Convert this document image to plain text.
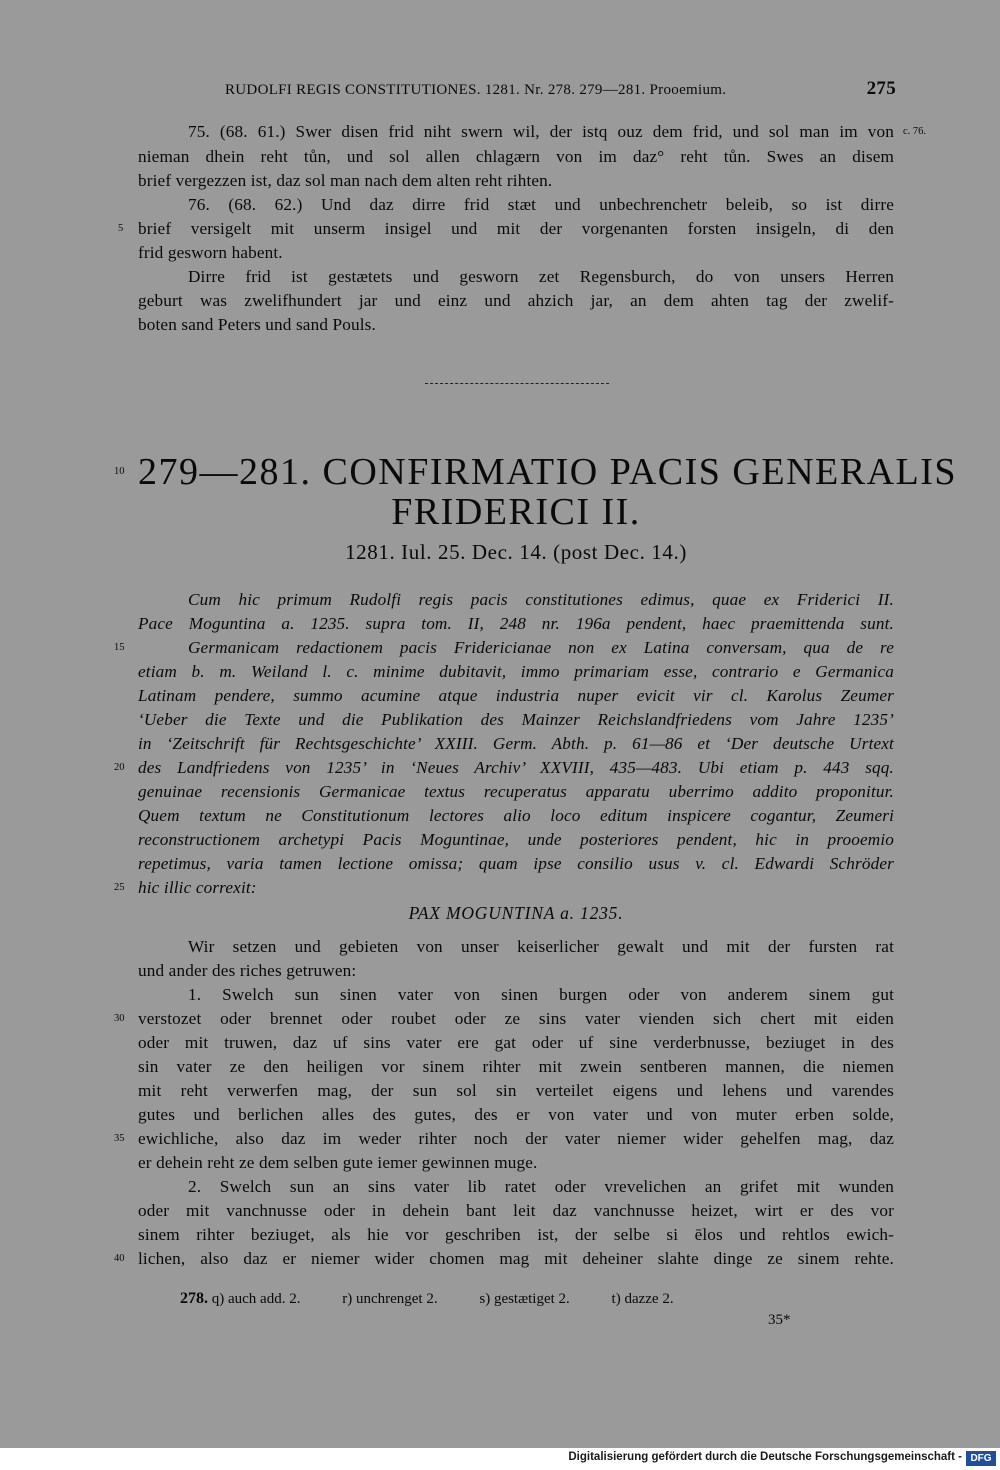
RUDOLFI REGIS CONSTITUTIONES. 1281. Nr. 278. 279—281. Prooemium.	275
75. (68. 61.) Swer disen frid niht swern wil, der istq ouz dem frid, und sol man im von
nieman dhein reht tůn, und sol allen chlagærn von im daz° reht tůn. Swes an disem
brief vergezzen ist, daz sol man nach dem alten reht rihten.
76. (68. 62.) Und daz dirre frid stæt und unbechrenchetr beleib, so ist dirre
brief versigelt mit unserm insigel und mit der vorgenanten forsten insigeln, di den
frid gesworn habent.
Dirre frid ist gestætets und gesworn zet Regensburch, do von unsers Herren
geburt was zwelifhundert jar und einz und ahzich jar, an dem ahten tag der zwelif-
boten sand Peters und sand Pouls.
279—281. CONFIRMATIO PACIS GENERALIS
FRIDERICI II.
1281. Iul. 25. Dec. 14. (post Dec. 14.)
Cum hic primum Rudolfi regis pacis constitutiones edimus, quae ex Friderici II.
Pace Moguntina a. 1235. supra tom. II, 248 nr. 196a pendent, haec praemittenda sunt.
Germanicam redactionem pacis Fridericianae non ex Latina conversam, qua de re
etiam b. m. Weiland l. c. minime dubitavit, immo primariam esse, contrario e Germanica
Latinam pendere, summo acumine atque industria nuper evicit vir cl. Karolus Zeumer
‘Ueber die Texte und die Publikation des Mainzer Reichslandfriedens vom Jahre 1235’
in ‘Zeitschrift für Rechtsgeschichte’ XXIII. Germ. Abth. p. 61—86 et ‘Der deutsche Urtext
des Landfriedens von 1235’ in ‘Neues Archiv’ XXVIII, 435—483. Ubi etiam p. 443 sqq.
genuinae recensionis Germanicae textus recuperatus apparatu uberrimo addito proponitur.
Quem textum ne Constitutionum lectores alio loco editum inspicere cogantur, Zeumeri
reconstructionem archetypi Pacis Moguntinae, unde posteriores pendent, hic in prooemio
repetimus, varia tamen lectione omissa; quam ipse consilio usus v. cl. Edwardi Schröder
hic illic correxit:
PAX MOGUNTINA a. 1235.
Wir setzen und gebieten von unser keiserlicher gewalt und mit der fursten rat
und ander des riches getruwen:
1. Swelch sun sinen vater von sinen burgen oder von anderem sinem gut
verstozet oder brennet oder roubet oder ze sins vater vienden sich chert mit eiden
oder mit truwen, daz uf sins vater ere gat oder uf sine verderbnusse, beziuget in des
sin vater ze den heiligen vor sinem rihter mit zwein sentberen mannen, die niemen
mit reht verwerfen mag, der sun sol sin verteilet eigens und lehens und varendes
gutes und berlichen alles des gutes, des er von vater und von muter erben solde,
ewichliche, also daz im weder rihter noch der vater niemer wider gehelfen mag, daz
er dehein reht ze dem selben gute iemer gewinnen muge.
2. Swelch sun an sins vater lib ratet oder vrevelichen an grifet mit wunden
oder mit vanchnusse oder in dehein bant leit daz vanchnusse heizet, wirt er des vor
sinem rihter beziuget, als hie vor geschriben ist, der selbe si ēlos und rehtlos ewich-
lichen, also daz er niemer wider chomen mag mit deheiner slahte dinge ze sinem rehte.
c. 76.
5
10
15
20
25
30
35
40
278. q) auch add. 2.	r) unchrenget 2.	s) gestætiget 2.	t) dazze 2.
35*
Digitalisierung gefördert durch die Deutsche Forschungsgemeinschaft - DFG
